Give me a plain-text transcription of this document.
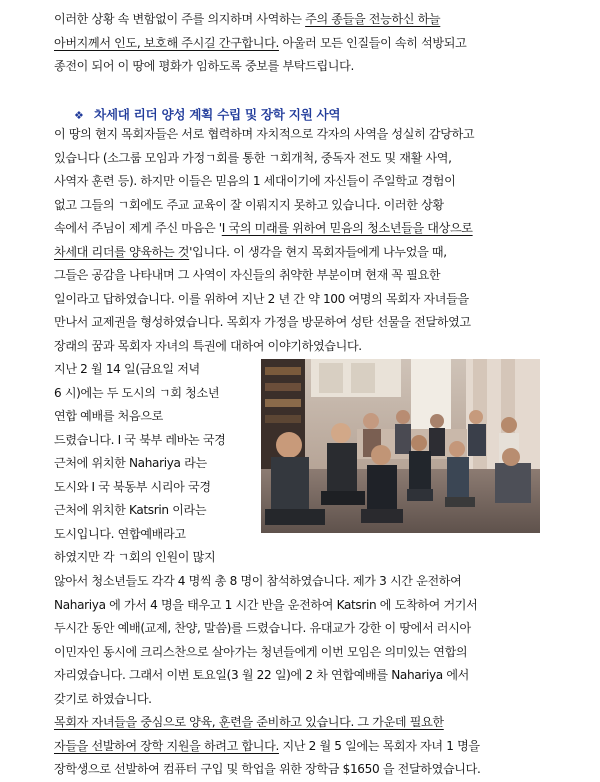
이러한 상황 속 변함없이 주를 의지하며 사역하는 주의 종들을 전능하신 하늘
아버지께서 인도, 보호해 주시길 간구합니다. 아울러 모든 인질들이 속히 석방되고
종전이 되어 이 땅에 평화가 임하도록 중보를 부탁드립니다.
❖ 차세대 리더 양성 계획 수립 및 장학 지원 사역
이 땅의 현지 목회자들은 서로 협력하며 자치적으로 각자의 사역을 성실히 감당하고
있습니다 (소그룹 모임과 가정ㄱ회를 통한 ㄱ회개척, 중독자 전도 및 재활 사역,
사역자 훈련 등). 하지만 이들은 믿음의 1 세대이기에 자신들이 주일학교 경험이
없고 그들의 ㄱ회에도 주교 교육이 잘 이뤄지지 못하고 있습니다. 이러한 상황
속에서 주님이 제게 주신 마음은 'I 국의 미래를 위하여 믿음의 청소년들을 대상으로
차세대 리더를 양육하는 것'입니다. 이 생각을 현지 목회자들에게 나누었을 때,
그들은 공감을 나타내며 그 사역이 자신들의 취약한 부분이며 현재 꼭 필요한
일이라고 답하였습니다. 이를 위하여 지난 2 년 간 약 100 여명의 목회자 자녀들을
만나서 교제권을 형성하였습니다. 목회자 가정을 방문하여 성탄 선물을 전달하였고
장래의 꿈과 목회자 자녀의 특권에 대하여 이야기하였습니다.
지난 2 월 14 일(금요일 저녁
6 시)에는 두 도시의 ㄱ회 청소년
연합 예배를 처음으로
드렸습니다. I 국 북부 레바논 국경
근처에 위치한 Nahariya 라는
도시와 I 국 북동부 시리아 국경
근처에 위치한 Katsrin 이라는
도시입니다. 연합예배라고
하였지만 각 ㄱ회의 인원이 많지
않아서 청소년들도 각각 4 명씩 총 8 명이 참석하였습니다. 제가 3 시간 운전하여
Nahariya 에 가서 4 명을 태우고 1 시간 반을 운전하여 Katsrin 에 도착하여 거기서
두시간 동안 예배(교제, 찬양, 말씀)를 드렸습니다. 유대교가 강한 이 땅에서 러시아
이민자인 동시에 크리스찬으로 살아가는 청년들에게 이번 모임은 의미있는 연합의
자리였습니다. 그래서 이번 토요일(3 월 22 일)에 2 차 연합예배를 Nahariya 에서
갖기로 하였습니다.
목회자 자녀들을 중심으로 양육, 훈련을 준비하고 있습니다. 그 가운데 필요한
자들을 선발하여 장학 지원을 하려고 합니다. 지난 2 월 5 일에는 목회자 자녀 1 명을
장학생으로 선발하여 컴퓨터 구입 및 학업을 위한 장학금 $1650 을 전달하였습니다.
